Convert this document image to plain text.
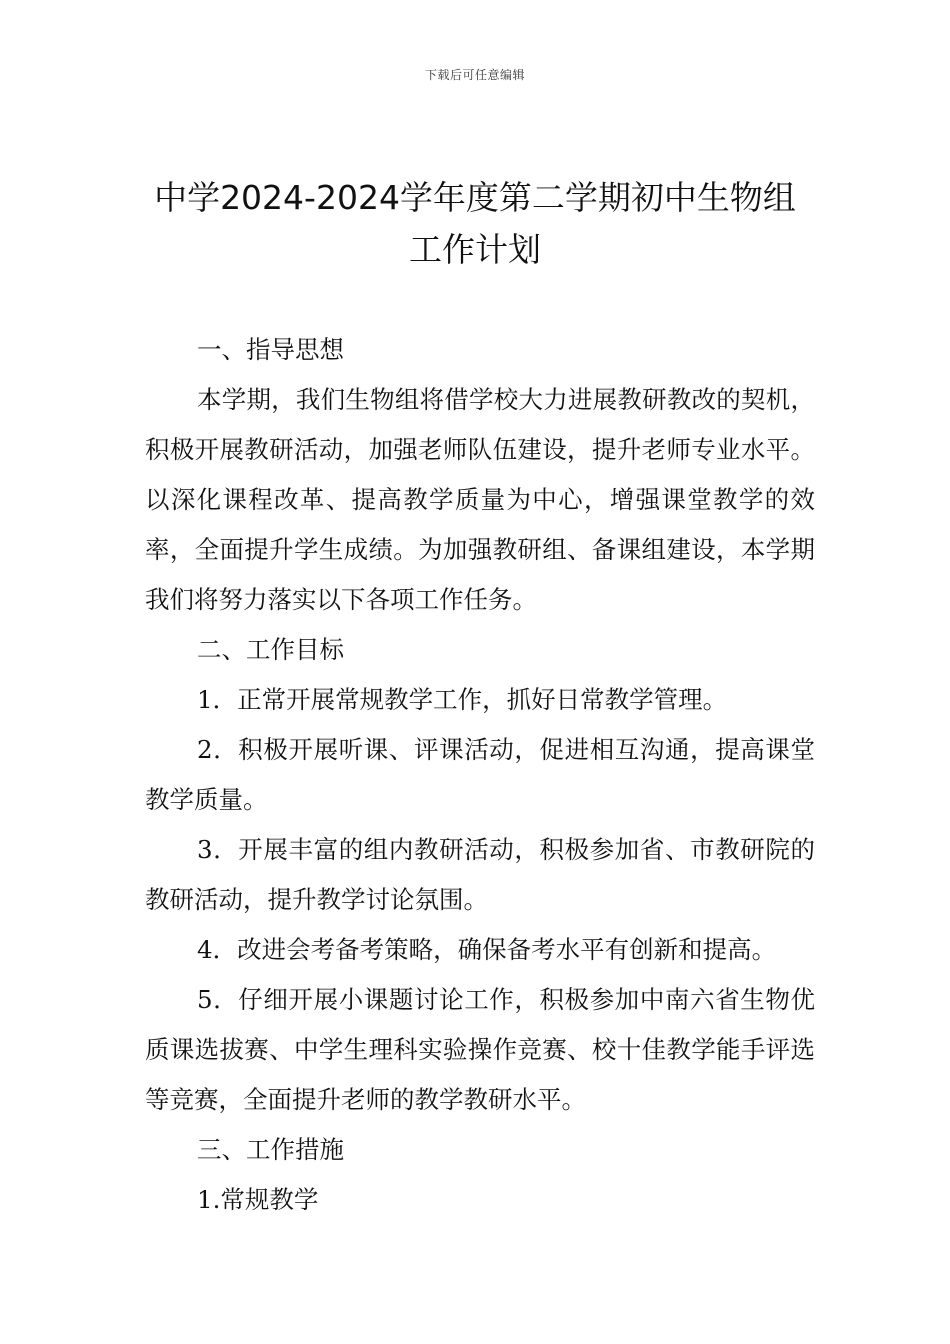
下载后可任意编辑
中学2024-2024学年度第二学期初中生物组工作计划

一、指导思想

本学期，我们生物组将借学校大力进展教研教改的契机，积极开展教研活动，加强老师队伍建设，提升老师专业水平。以深化课程改革、提高教学质量为中心，增强课堂教学的效率，全面提升学生成绩。为加强教研组、备课组建设，本学期我们将努力落实以下各项工作任务。

二、工作目标

1．正常开展常规教学工作，抓好日常教学管理。

2．积极开展听课、评课活动，促进相互沟通，提高课堂教学质量。

3．开展丰富的组内教研活动，积极参加省、市教研院的教研活动，提升教学讨论氛围。

4．改进会考备考策略，确保备考水平有创新和提高。

5．仔细开展小课题讨论工作，积极参加中南六省生物优质课选拔赛、中学生理科实验操作竞赛、校十佳教学能手评选等竞赛，全面提升老师的教学教研水平。

三、工作措施

1.常规教学
